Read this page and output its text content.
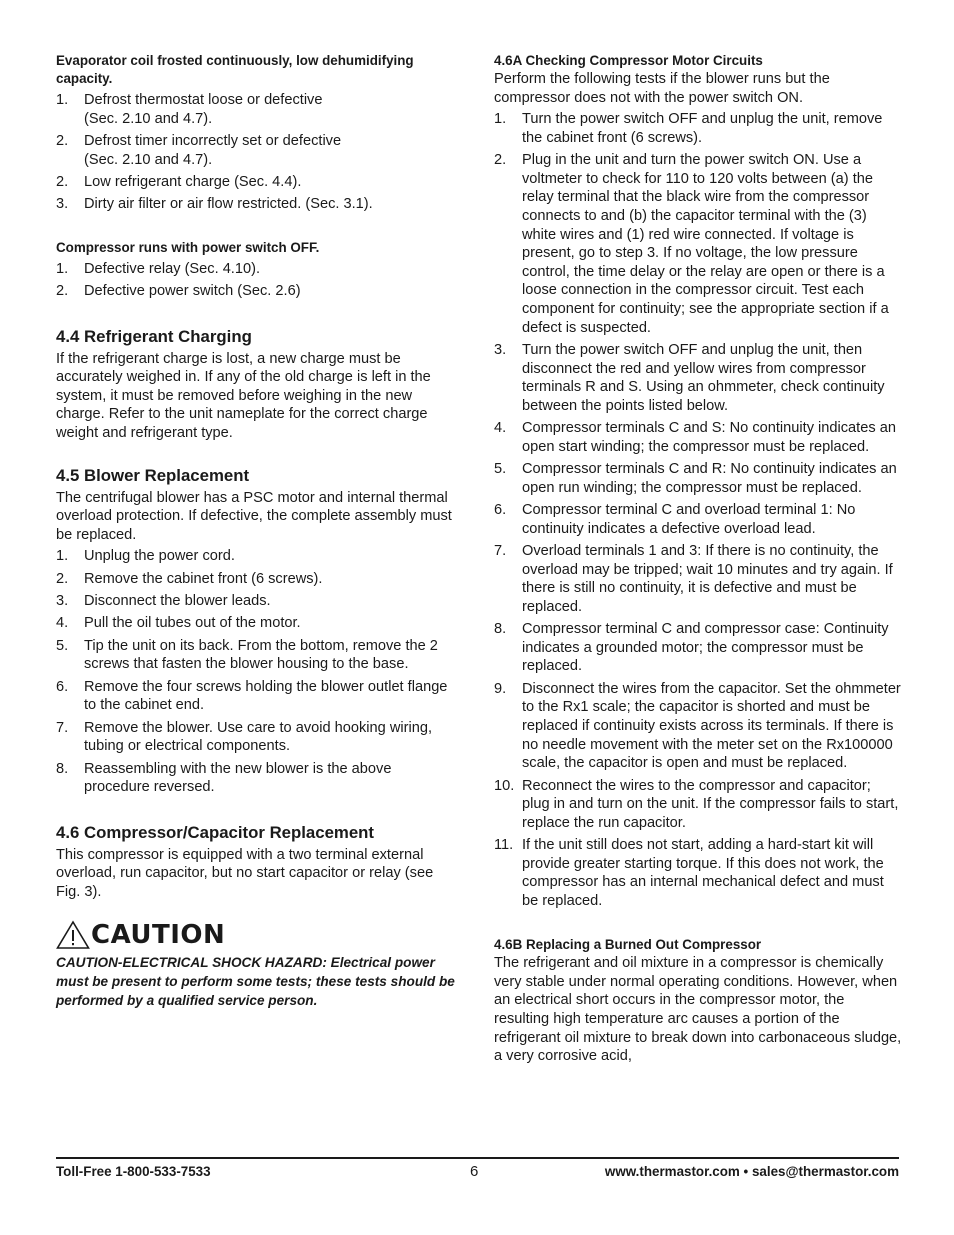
Evaporator coil frosted continuously, low dehumidifying capacity.

1. Defrost thermostat loose or defective
(Sec. 2.10 and 4.7).
2. Defrost timer incorrectly set or defective
(Sec. 2.10 and 4.7).
2. Low refrigerant charge (Sec. 4.4).
3. Dirty air filter or air flow restricted. (Sec. 3.1).

Compressor runs with power switch OFF.

1. Defective relay (Sec. 4.10).
2. Defective power switch (Sec. 2.6)

4.4 Refrigerant Charging

If the refrigerant charge is lost, a new charge must be accurately weighed in. If any of the old charge is left in the system, it must be removed before weighing in the new charge. Refer to the unit nameplate for the correct charge weight and refrigerant type.

4.5 Blower Replacement

The centrifugal blower has a PSC motor and internal thermal overload protection. If defective, the complete assembly must be replaced.

1. Unplug the power cord.
2. Remove the cabinet front (6 screws).
3. Disconnect the blower leads.
4. Pull the oil tubes out of the motor.
5. Tip the unit on its back. From the bottom, remove the 2 screws that fasten the blower housing to the base.
6. Remove the four screws holding the blower outlet flange to the cabinet end.
7. Remove the blower. Use care to avoid hooking wiring, tubing or electrical components.
8. Reassembling with the new blower is the above procedure reversed.

4.6 Compressor/Capacitor Replacement

This compressor is equipped with a two terminal external overload, run capacitor, but no start capacitor or relay (see Fig. 3).

CAUTION

CAUTION-ELECTRICAL SHOCK HAZARD: Electrical power must be present to perform some tests; these tests should be performed by a qualified service person.

4.6A Checking Compressor Motor Circuits

Perform the following tests if the blower runs but the compressor does not with the power switch ON.

1. Turn the power switch OFF and unplug the unit, remove the cabinet front (6 screws).
2. Plug in the unit and turn the power switch ON. Use a voltmeter to check for 110 to 120 volts between (a) the relay terminal that the black wire from the compressor connects to and (b) the capacitor terminal with the (3) white wires and (1) red wire connected. If voltage is present, go to step 3. If no voltage, the low pressure control, the time delay or the relay are open or there is a loose connection in the compressor circuit. Test each component for continuity; see the appropriate section if a defect is suspected.
3. Turn the power switch OFF and unplug the unit, then disconnect the red and yellow wires from compressor terminals R and S. Using an ohmmeter, check continuity between the points listed below.
4. Compressor terminals C and S: No continuity indicates an open start winding; the compressor must be replaced.
5. Compressor terminals C and R: No continuity indicates an open run winding; the compressor must be replaced.
6. Compressor terminal C and overload terminal 1: No continuity indicates a defective overload lead.
7. Overload terminals 1 and 3: If there is no continuity, the overload may be tripped; wait 10 minutes and try again. If there is still no continuity, it is defective and must be replaced.
8. Compressor terminal C and compressor case: Continuity indicates a grounded motor; the compressor must be replaced.
9. Disconnect the wires from the capacitor. Set the ohmmeter to the Rx1 scale; the capacitor is shorted and must be replaced if continuity exists across its terminals. If there is no needle movement with the meter set on the Rx100000 scale, the capacitor is open and must be replaced.
10. Reconnect the wires to the compressor and capacitor; plug in and turn on the unit. If the compressor fails to start, replace the run capacitor.
11. If the unit still does not start, adding a hard-start kit will provide greater starting torque. If this does not work, the compressor has an internal mechanical defect and must be replaced.

4.6B Replacing a Burned Out Compressor

The refrigerant and oil mixture in a compressor is chemically very stable under normal operating conditions. However, when an electrical short occurs in the compressor motor, the resulting high temperature arc causes a portion of the refrigerant oil mixture to break down into carbonaceous sludge, a very corrosive acid,

Toll-Free 1-800-533-7533	6	www.thermastor.com • sales@thermastor.com
